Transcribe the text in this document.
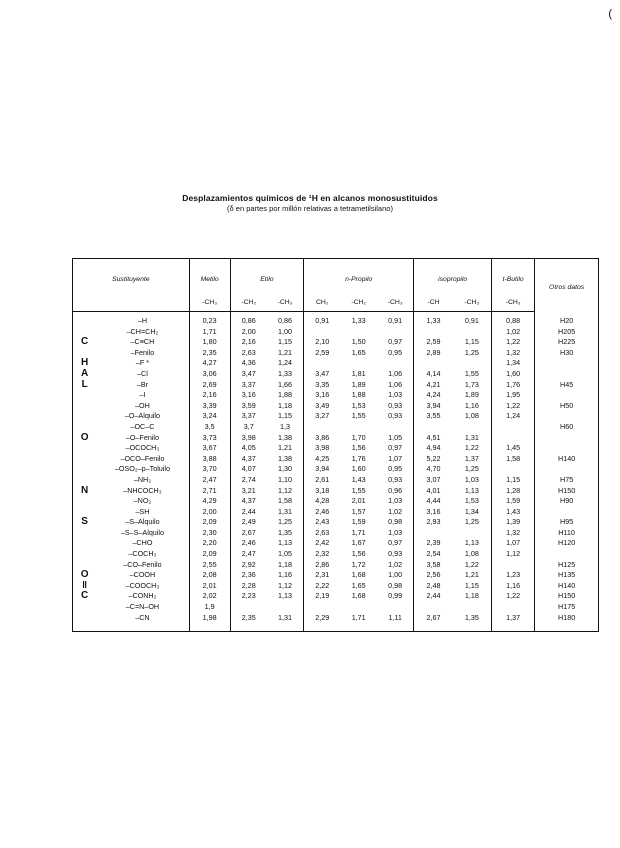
(
Desplazamientos químicos de ¹H en alcanos monosustituidos
(δ en partes por millón relativas a tetrametilsilano)
Sustituyente		Metilo	Etilo		n-Propilo			isopropilo		t-Butilo	Otros datos
		-CH₃	-CH₂	-CH₃	CH₂	-CH₂	-CH₃	-CH	-CH₃	-CH₃	
	–H	0,23	0,86	0,86	0,91	1,33	0,91	1,33	0,91	0,88	H20
	–CH=CH₂	1,71	2,00	1,00						1,02	H205
C	–C≡CH	1,80	2,16	1,15	2,10	1,50	0,97	2,59	1,15	1,22	H225
	–Fenilo	2,35	2,63	1,21	2,59	1,65	0,95	2,89	1,25	1,32	H30
H	–F *	4,27	4,36	1,24						1,34	
A	–Cl	3,06	3,47	1,33	3,47	1,81	1,06	4,14	1,55	1,60	
L	–Br	2,69	3,37	1,66	3,35	1,89	1,06	4,21	1,73	1,76	H45
	–I	2,16	3,16	1,88	3,16	1,88	1,03	4,24	1,89	1,95	
	–OH	3,39	3,59	1,18	3,49	1,53	0,93	3,94	1,16	1,22	H50
	–O–Alquilo	3,24	3,37	1,15	3,27	1,55	0,93	3,55	1,08	1,24	
	–OC–C	3,5	3,7	1,3							H60
O	–O–Fenilo	3,73	3,98	1,38	3,86	1,70	1,05	4,51	1,31		
	–OCOCH₃	3,67	4,05	1,21	3,98	1,56	0,97	4,94	1,22	1,45	
	–OCO–Fenilo	3,88	4,37	1,38	4,25	1,76	1,07	5,22	1,37	1,58	H140
	–OSO₂–p–Toluilo	3,70	4,07	1,30	3,94	1,60	0,95	4,70	1,25		
	–NH₂	2,47	2,74	1,10	2,61	1,43	0,93	3,07	1,03	1,15	H75
N	–NHCOCH₃	2,71	3,21	1,12	3,18	1,55	0,96	4,01	1,13	1,28	H150
	–NO₂	4,29	4,37	1,58	4,28	2,01	1,03	4,44	1,53	1,59	H90
	–SH	2,00	2,44	1,31	2,46	1,57	1,02	3,16	1,34	1,43	
S	–S–Alquilo	2,09	2,49	1,25	2,43	1,59	0,98	2,93	1,25	1,39	H95
	–S–S–Alquilo	2,30	2,67	1,35	2,63	1,71	1,03			1,32	H110
	–CHO	2,20	2,46	1,13	2,42	1,67	0,97	2,39	1,13	1,07	H120
	–COCH₃	2,09	2,47	1,05	2,32	1,56	0,93	2,54	1,08	1,12	
	–CO–Fenilo	2,55	2,92	1,18	2,86	1,72	1,02	3,58	1,22		H125
O	–COOH	2,08	2,36	1,16	2,31	1,68	1,00	2,56	1,21	1,23	H135
‖	–COOCH₃	2,01	2,28	1,12	2,22	1,65	0,98	2,48	1,15	1,16	H140
C	–CONH₂	2,02	2,23	1,13	2,19	1,68	0,99	2,44	1,18	1,22	H150
	–C=N–OH	1,9									H175
	–CN	1,98	2,35	1,31	2,29	1,71	1,11	2,67	1,35	1,37	H180
